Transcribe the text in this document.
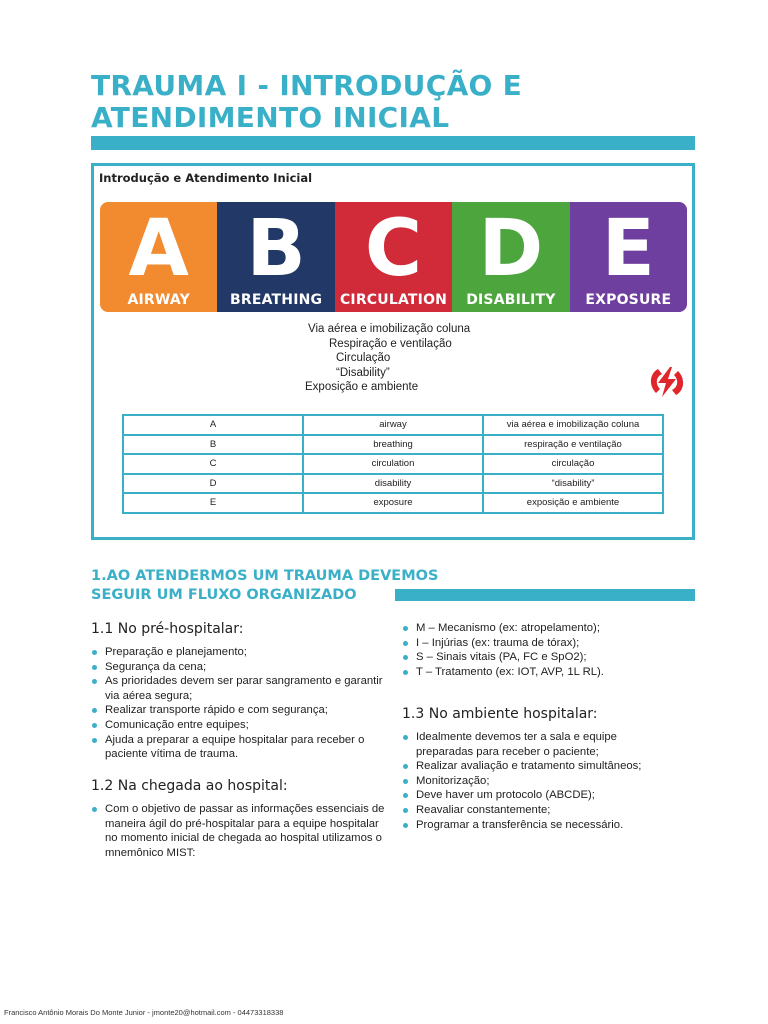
TRAUMA I - INTRODUÇÃO E
ATENDIMENTO INICIAL
Introdução e Atendimento Inicial
A
AIRWAY
B
BREATHING
C
CIRCULATION
D
DISABILITY
E
EXPOSURE
Via aérea e imobilização coluna
Respiração e ventilação
Circulação
“Disability”
Exposição e ambiente
A	airway	via aérea e imobilização coluna
B	breathing	respiração e ventilação
C	circulation	circulação
D	disability	“disability”
E	exposure	exposição e ambiente
1.AO ATENDERMOS UM TRAUMA DEVEMOS
SEGUIR UM FLUXO ORGANIZADO
1.1 No pré-hospitalar:
Preparação e planejamento;
Segurança da cena;
As prioridades devem ser parar sangramento e garantir via aérea segura;
Realizar transporte rápido e com segurança;
Comunicação entre equipes;
Ajuda a preparar a equipe hospitalar para receber o paciente vítima de trauma.
1.2 Na chegada ao hospital:
Com o objetivo de passar as informações essenciais de maneira ágil do pré-hospitalar para a equipe hospitalar no momento inicial de chegada ao hospital utilizamos o mnemônico MIST:
M – Mecanismo (ex: atropelamento);
I – Injúrias (ex: trauma de tórax);
S – Sinais vitais (PA, FC e SpO2);
T – Tratamento (ex: IOT, AVP, 1L RL).
1.3 No ambiente hospitalar:
Idealmente devemos ter a sala e equipe preparadas para receber o paciente;
Realizar avaliação e tratamento simultâneos;
Monitorização;
Deve haver um protocolo (ABCDE);
Reavaliar constantemente;
Programar a transferência se necessário.
Francisco Antônio Morais Do Monte Junior - jmonte20@hotmail.com - 04473318338
